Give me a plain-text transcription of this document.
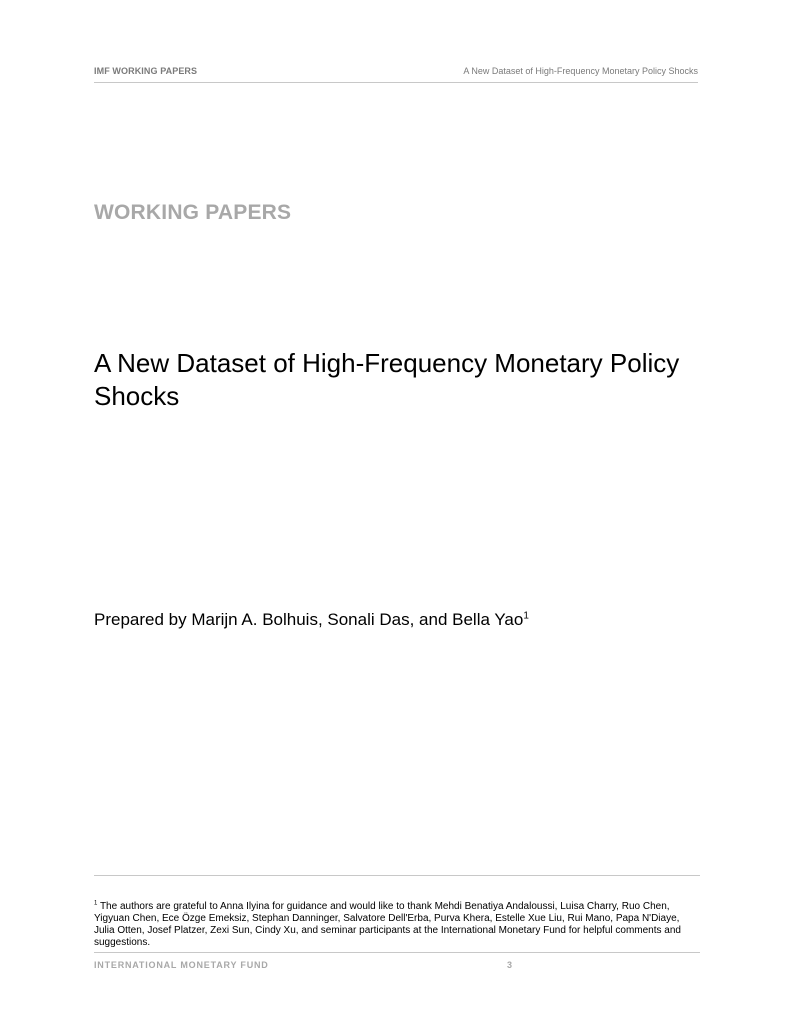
IMF WORKING PAPERS	A New Dataset of High-Frequency Monetary Policy Shocks
WORKING PAPERS
A New Dataset of High-Frequency Monetary Policy
Shocks
Prepared by Marijn A. Bolhuis, Sonali Das, and Bella Yao$^1$
$^1$ The authors are grateful to Anna Ilyina for guidance and would like to thank Mehdi Benatiya Andaloussi, Luisa Charry, Ruo Chen, Yigyuan Chen, Ece Özge Emeksiz, Stephan Danninger, Salvatore Dell'Erba, Purva Khera, Estelle Xue Liu, Rui Mano, Papa N'Diaye, Julia Otten, Josef Platzer, Zexi Sun, Cindy Xu, and seminar participants at the International Monetary Fund for helpful comments and suggestions.
INTERNATIONAL MONETARY FUND	3
